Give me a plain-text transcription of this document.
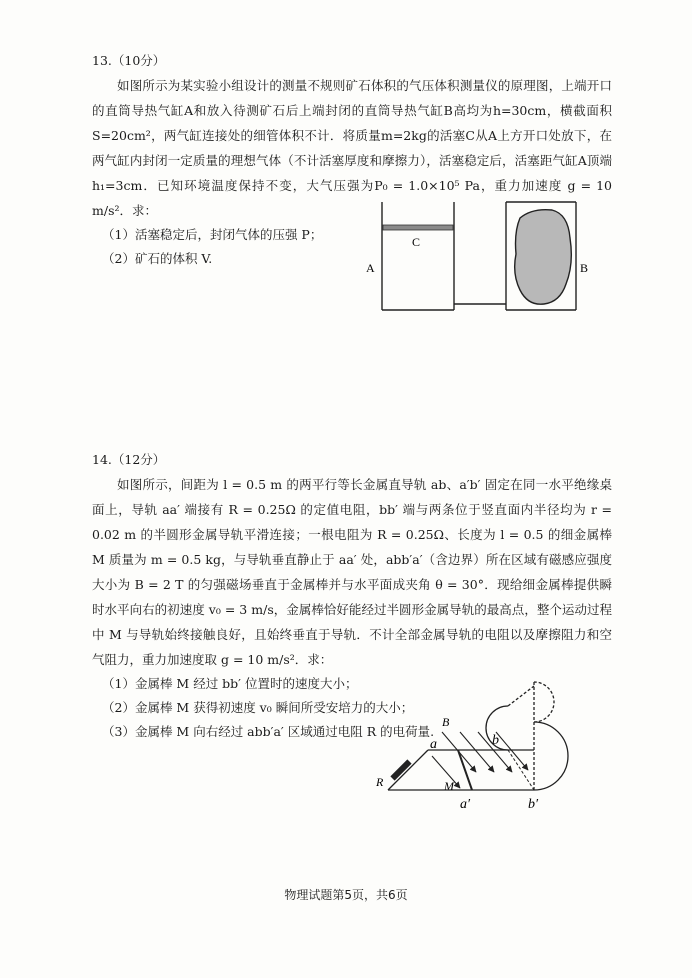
13.（10分）

如图所示为某实验小组设计的测量不规则矿石体积的气压体积测量仪的原理图，上端开口的直筒导热气缸A和放入待测矿石后上端封闭的直筒导热气缸B高均为h=30cm，横截面积S=20cm²，两气缸连接处的细管体积不计．将质量m=2kg的活塞C从A上方开口处放下，在两气缸内封闭一定质量的理想气体（不计活塞厚度和摩擦力），活塞稳定后，活塞距气缸A顶端h₁=3cm．已知环境温度保持不变，大气压强为P₀ = 1.0×10⁵ Pa，重力加速度 g = 10 m/s²．求：

（1）活塞稳定后，封闭气体的压强 P；

（2）矿石的体积 V.

C
A	B
14.（12分）

如图所示，间距为 l = 0.5 m 的两平行等长金属直导轨 ab、a′b′ 固定在同一水平绝缘桌面上，导轨 aa′ 端接有 R = 0.25Ω 的定值电阻，bb′ 端与两条位于竖直面内半径均为 r = 0.02 m 的半圆形金属导轨平滑连接；一根电阻为 R = 0.25Ω、长度为 l = 0.5 的细金属棒 M 质量为 m = 0.5 kg，与导轨垂直静止于 aa′ 处，abb′a′（含边界）所在区域有磁感应强度大小为 B = 2 T 的匀强磁场垂直于金属棒并与水平面成夹角 θ = 30°．现给细金属棒提供瞬时水平向右的初速度 v₀ = 3 m/s，金属棒恰好能经过半圆形金属导轨的最高点，整个运动过程中 M 与导轨始终接触良好，且始终垂直于导轨．不计全部金属导轨的电阻以及摩擦阻力和空气阻力，重力加速度取 g = 10 m/s²．求：

（1）金属棒 M 经过 bb′ 位置时的速度大小；

（2）金属棒 M 获得初速度 v₀ 瞬间所受安培力的大小；

（3）金属棒 M 向右经过 abb′a′ 区域通过电阻 R 的电荷量.

B
a	b
R	M
a′	b′
物理试题第5页，共6页
